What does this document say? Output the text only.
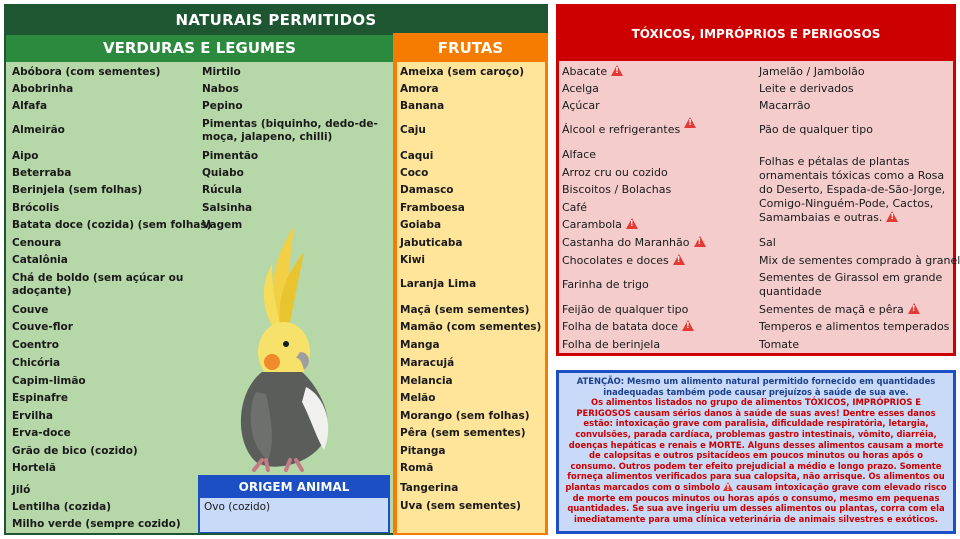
NATURAIS PERMITIDOS
VERDURAS E LEGUMES
Abóbora (com sementes)
Abobrinha
Alfafa
Almeirão
Aipo
Beterraba
Berinjela (sem folhas)
Brócolis
Batata doce (cozida) (sem folhas)
Cenoura
Catalônia
Chá de boldo (sem açúcar ou adoçante)
Couve
Couve-flor
Coentro
Chicória
Capim-limão
Espinafre
Ervilha
Erva-doce
Grão de bico (cozido)
Hortelã
Jiló
Lentilha (cozida)
Milho verde (sempre cozido)
Mirtilo
Nabos
Pepino
Pimentas (biquinho, dedo-de-moça, jalapeno, chilli)
Pimentão
Quiabo
Rúcula
Salsinha
Vagem
FRUTAS
Ameixa (sem caroço)
Amora
Banana
Caju
Caqui
Coco
Damasco
Framboesa
Goiaba
Jabuticaba
Kiwi
Laranja Lima
Maçã (sem sementes)
Mamão (com sementes)
Manga
Maracujá
Melancia
Melão
Morango (sem folhas)
Pêra (sem sementes)
Pitanga
Romã
Tangerina
Uva (sem sementes)
ORIGEM ANIMAL
Ovo (cozido)
TÓXICOS, IMPRÓPRIOS E PERIGOSOS
Abacate!
Acelga
Açúcar
Álcool e refrigerantes!
Alface
Arroz cru ou cozido
Biscoitos / Bolachas
Café
Carambola!
Castanha do Maranhão!
Chocolates e doces!
Farinha de trigo
Feijão de qualquer tipo
Folha de batata doce!
Folha de berinjela
Jamelão / Jambolão
Leite e derivados
Macarrão
Pão de qualquer tipo
Folhas e pétalas de plantas ornamentais tóxicas como a Rosa do Deserto, Espada-de-São-Jorge, Comigo-Ninguém-Pode, Cactos, Samambaias e outras.!
Sal
Mix de sementes comprado à granel
Sementes de Girassol em grande quantidade
Sementes de maçã e pêra!
Temperos e alimentos temperados
Tomate

ATENÇÃO: Mesmo um alimento natural permitido fornecido em quantidades inadequadas também pode causar prejuízos à saúde de sua ave.

Os alimentos listados no grupo de alimentos TÓXICOS, IMPRÓPRIOS E PERIGOSOS causam sérios danos à saúde de suas aves! Dentre esses danos estão: intoxicação grave com paralisia, dificuldade respiratória, letargia, convulsões, parada cardíaca, problemas gastro intestinais, vômito, diarréia, doenças hepáticas e renais e MORTE. Alguns desses alimentos causam a morte de calopsitas e outros psitacídeos em poucos minutos ou horas após o consumo. Outros podem ter efeito prejudicial a médio e longo prazo. Somente forneça alimentos verificados para sua calopsita, não arrisque. Os alimentos ou plantas marcados com o simbolo! causam intoxicação grave com elevado risco de morte em poucos minutos ou horas após o consumo, mesmo em pequenas quantidades. Se sua ave ingeriu um desses alimentos ou plantas, corra com ela imediatamente para uma clínica veterinária de animais silvestres e exóticos.
